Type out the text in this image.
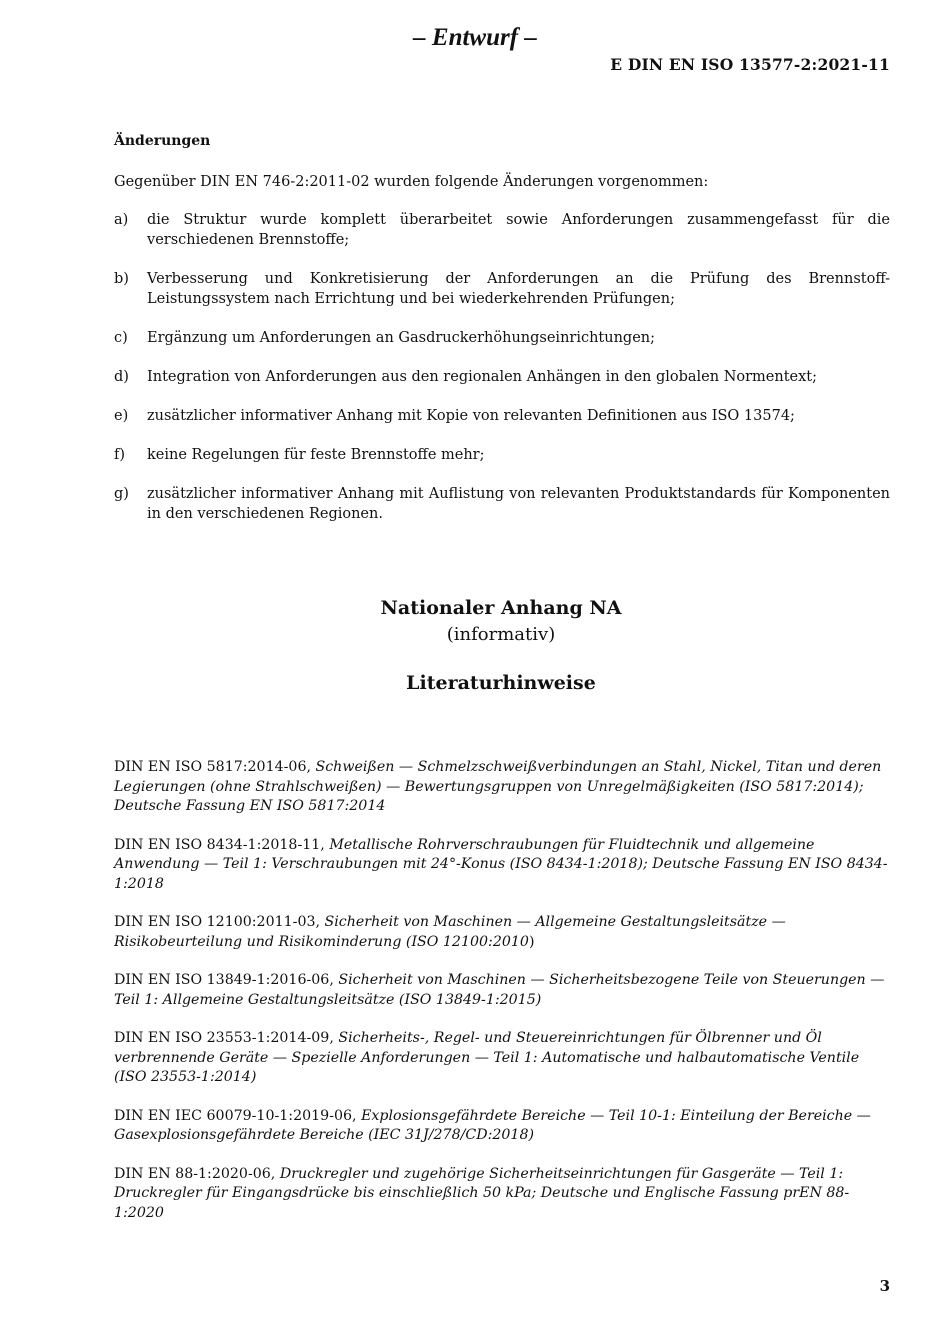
– Entwurf –
E DIN EN ISO 13577-2:2021-11
Änderungen
Gegenüber DIN EN 746-2:2011-02 wurden folgende Änderungen vorgenommen:
a)	die Struktur wurde komplett überarbeitet sowie Anforderungen zusammengefasst für die verschiedenen Brennstoffe;
b)	Verbesserung und Konkretisierung der Anforderungen an die Prüfung des Brennstoff-Leistungssystem nach Errichtung und bei wiederkehrenden Prüfungen;
c)	Ergänzung um Anforderungen an Gasdruckerhöhungseinrichtungen;
d)	Integration von Anforderungen aus den regionalen Anhängen in den globalen Normentext;
e)	zusätzlicher informativer Anhang mit Kopie von relevanten Definitionen aus ISO 13574;
f)	keine Regelungen für feste Brennstoffe mehr;
g)	zusätzlicher informativer Anhang mit Auflistung von relevanten Produktstandards für Komponenten in den verschiedenen Regionen.
Nationaler Anhang NA
(informativ)
Literaturhinweise
DIN EN ISO 5817:2014-06, Schweißen — Schmelzschweißverbindungen an Stahl, Nickel, Titan und deren Legierungen (ohne Strahlschweißen) — Bewertungsgruppen von Unregelmäßigkeiten (ISO 5817:2014); Deutsche Fassung EN ISO 5817:2014
DIN EN ISO 8434-1:2018-11, Metallische Rohrverschraubungen für Fluidtechnik und allgemeine Anwendung — Teil 1: Verschraubungen mit 24°-Konus (ISO 8434-1:2018); Deutsche Fassung EN ISO 8434-1:2018
DIN EN ISO 12100:2011-03, Sicherheit von Maschinen — Allgemeine Gestaltungsleitsätze — Risikobeurteilung und Risikominderung (ISO 12100:2010)
DIN EN ISO 13849-1:2016-06, Sicherheit von Maschinen — Sicherheitsbezogene Teile von Steuerungen — Teil 1: Allgemeine Gestaltungsleitsätze (ISO 13849-1:2015)
DIN EN ISO 23553-1:2014-09, Sicherheits-, Regel- und Steuereinrichtungen für Ölbrenner und Öl verbrennende Geräte — Spezielle Anforderungen — Teil 1: Automatische und halbautomatische Ventile (ISO 23553-1:2014)
DIN EN IEC 60079-10-1:2019-06, Explosionsgefährdete Bereiche — Teil 10-1: Einteilung der Bereiche — Gasexplosionsgefährdete Bereiche (IEC 31J/278/CD:2018)
DIN EN 88-1:2020-06, Druckregler und zugehörige Sicherheitseinrichtungen für Gasgeräte — Teil 1: Druckregler für Eingangsdrücke bis einschließlich 50 kPa; Deutsche und Englische Fassung prEN 88-1:2020
3
